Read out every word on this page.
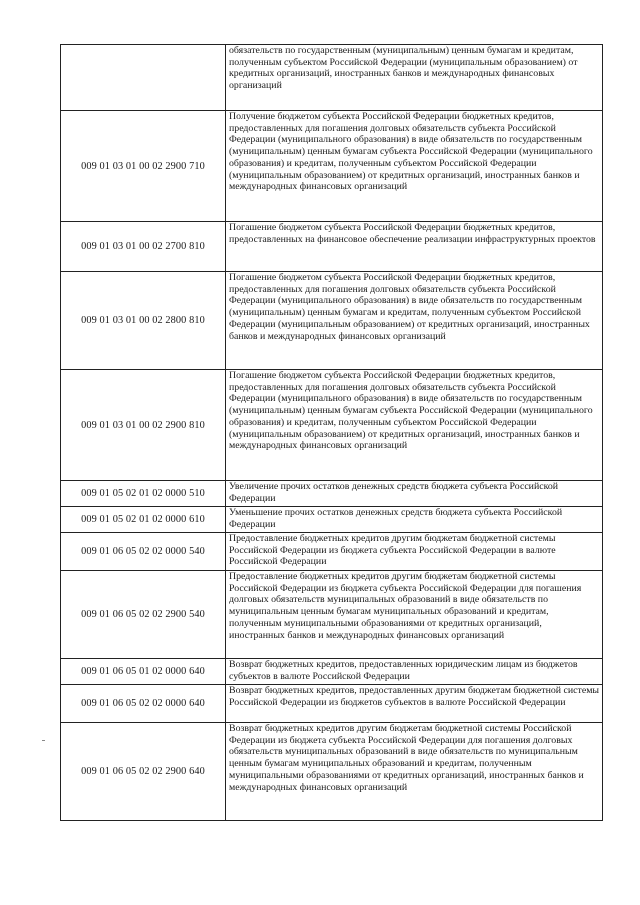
	обязательств по государственным (муниципальным) ценным бумагам и кредитам, полученным субъектом Российской Федерации (муниципальным образованием) от кредитных организаций, иностранных банков и международных финансовых организаций
009 01 03 01 00 02 2900 710	Получение бюджетом субъекта Российской Федерации бюджетных кредитов, предоставленных для погашения долговых обязательств субъекта Российской Федерации (муниципального образования) в виде обязательств по государственным (муниципальным) ценным бумагам субъекта Российской Федерации (муниципального образования) и кредитам, полученным субъектом Российской Федерации (муниципальным образованием) от кредитных организаций, иностранных банков и международных финансовых организаций
009 01 03 01 00 02 2700 810	Погашение бюджетом субъекта Российской Федерации бюджетных кредитов, предоставленных на финансовое обеспечение реализации инфраструктурных проектов
009 01 03 01 00 02 2800 810	Погашение бюджетом субъекта Российской Федерации бюджетных кредитов, предоставленных для погашения долговых обязательств субъекта Российской Федерации (муниципального образования) в виде обязательств по государственным (муниципальным) ценным бумагам и кредитам, полученным субъектом Российской Федерации (муниципальным образованием) от кредитных организаций, иностранных банков и международных финансовых организаций
009 01 03 01 00 02 2900 810	Погашение бюджетом субъекта Российской Федерации бюджетных кредитов, предоставленных для погашения долговых обязательств субъекта Российской Федерации (муниципального образования) в виде обязательств по государственным (муниципальным) ценным бумагам субъекта Российской Федерации (муниципального образования) и кредитам, полученным субъектом Российской Федерации (муниципальным образованием) от кредитных организаций, иностранных банков и международных финансовых организаций
009 01 05 02 01 02 0000 510	Увеличение прочих остатков денежных средств бюджета субъекта Российской Федерации
009 01 05 02 01 02 0000 610	Уменьшение прочих остатков денежных средств бюджета субъекта Российской Федерации
009 01 06 05 02 02 0000 540	Предоставление бюджетных кредитов другим бюджетам бюджетной системы Российской Федерации из бюджета субъекта Российской Федерации в валюте Российской Федерации
009 01 06 05 02 02 2900 540	Предоставление бюджетных кредитов другим бюджетам бюджетной системы Российской Федерации из бюджета субъекта Российской Федерации для погашения долговых обязательств муниципальных образований в виде обязательств по муниципальным ценным бумагам муниципальных образований и кредитам, полученным муниципальными образованиями от кредитных организаций, иностранных банков и международных финансовых организаций
009 01 06 05 01 02 0000 640	Возврат бюджетных кредитов, предоставленных юридическим лицам из бюджетов субъектов в валюте Российской Федерации
009 01 06 05 02 02 0000 640	Возврат бюджетных кредитов, предоставленных другим бюджетам бюджетной системы Российской Федерации из бюджетов субъектов в валюте Российской Федерации
009 01 06 05 02 02 2900 640	Возврат бюджетных кредитов другим бюджетам бюджетной системы Российской Федерации из бюджета субъекта Российской Федерации для погашения долговых обязательств муниципальных образований в виде обязательств по муниципальным ценным бумагам муниципальных образований и кредитам, полученным муниципальными образованиями от кредитных организаций, иностранных банков и международных финансовых организаций
